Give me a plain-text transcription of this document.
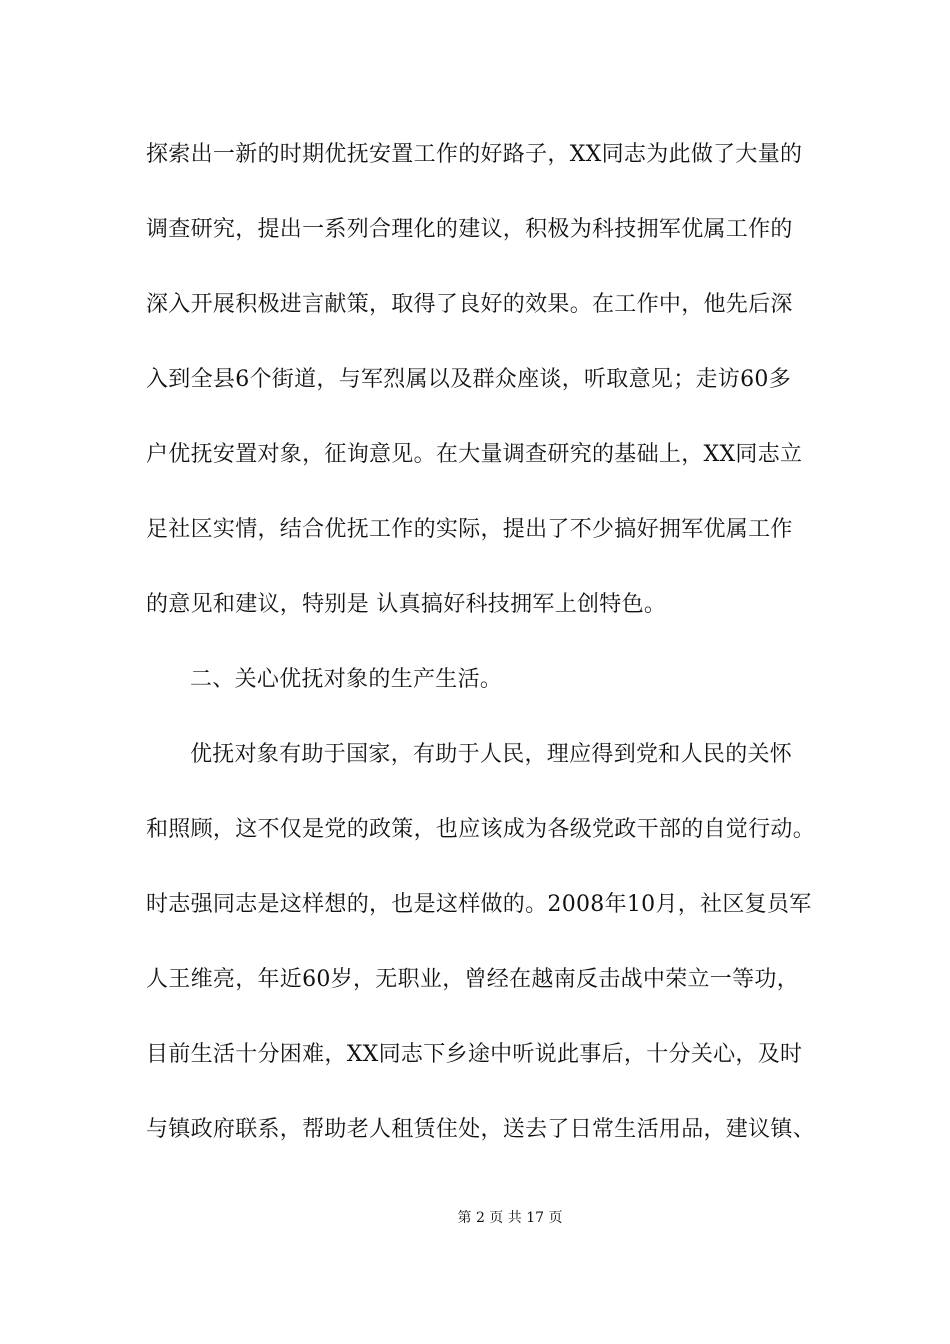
探索出一新的时期优抚安置工作的好路子，XX同志为此做了大量的
调查研究，提出一系列合理化的建议，积极为科技拥军优属工作的
深入开展积极进言献策，取得了良好的效果。在工作中，他先后深
入到全县6个街道，与军烈属以及群众座谈，听取意见；走访60多
户优抚安置对象，征询意见。在大量调查研究的基础上，XX同志立
足社区实情，结合优抚工作的实际，提出了不少搞好拥军优属工作
的意见和建议，特别是 认真搞好科技拥军上创特色。
二、关心优抚对象的生产生活。
优抚对象有助于国家，有助于人民，理应得到党和人民的关怀
和照顾，这不仅是党的政策，也应该成为各级党政干部的自觉行动。
时志强同志是这样想的，也是这样做的。2008年10月，社区复员军
人王维亮，年近60岁，无职业，曾经在越南反击战中荣立一等功，
目前生活十分困难，XX同志下乡途中听说此事后，十分关心，及时
与镇政府联系，帮助老人租赁住处，送去了日常生活用品，建议镇、
第 2 页 共 17 页
